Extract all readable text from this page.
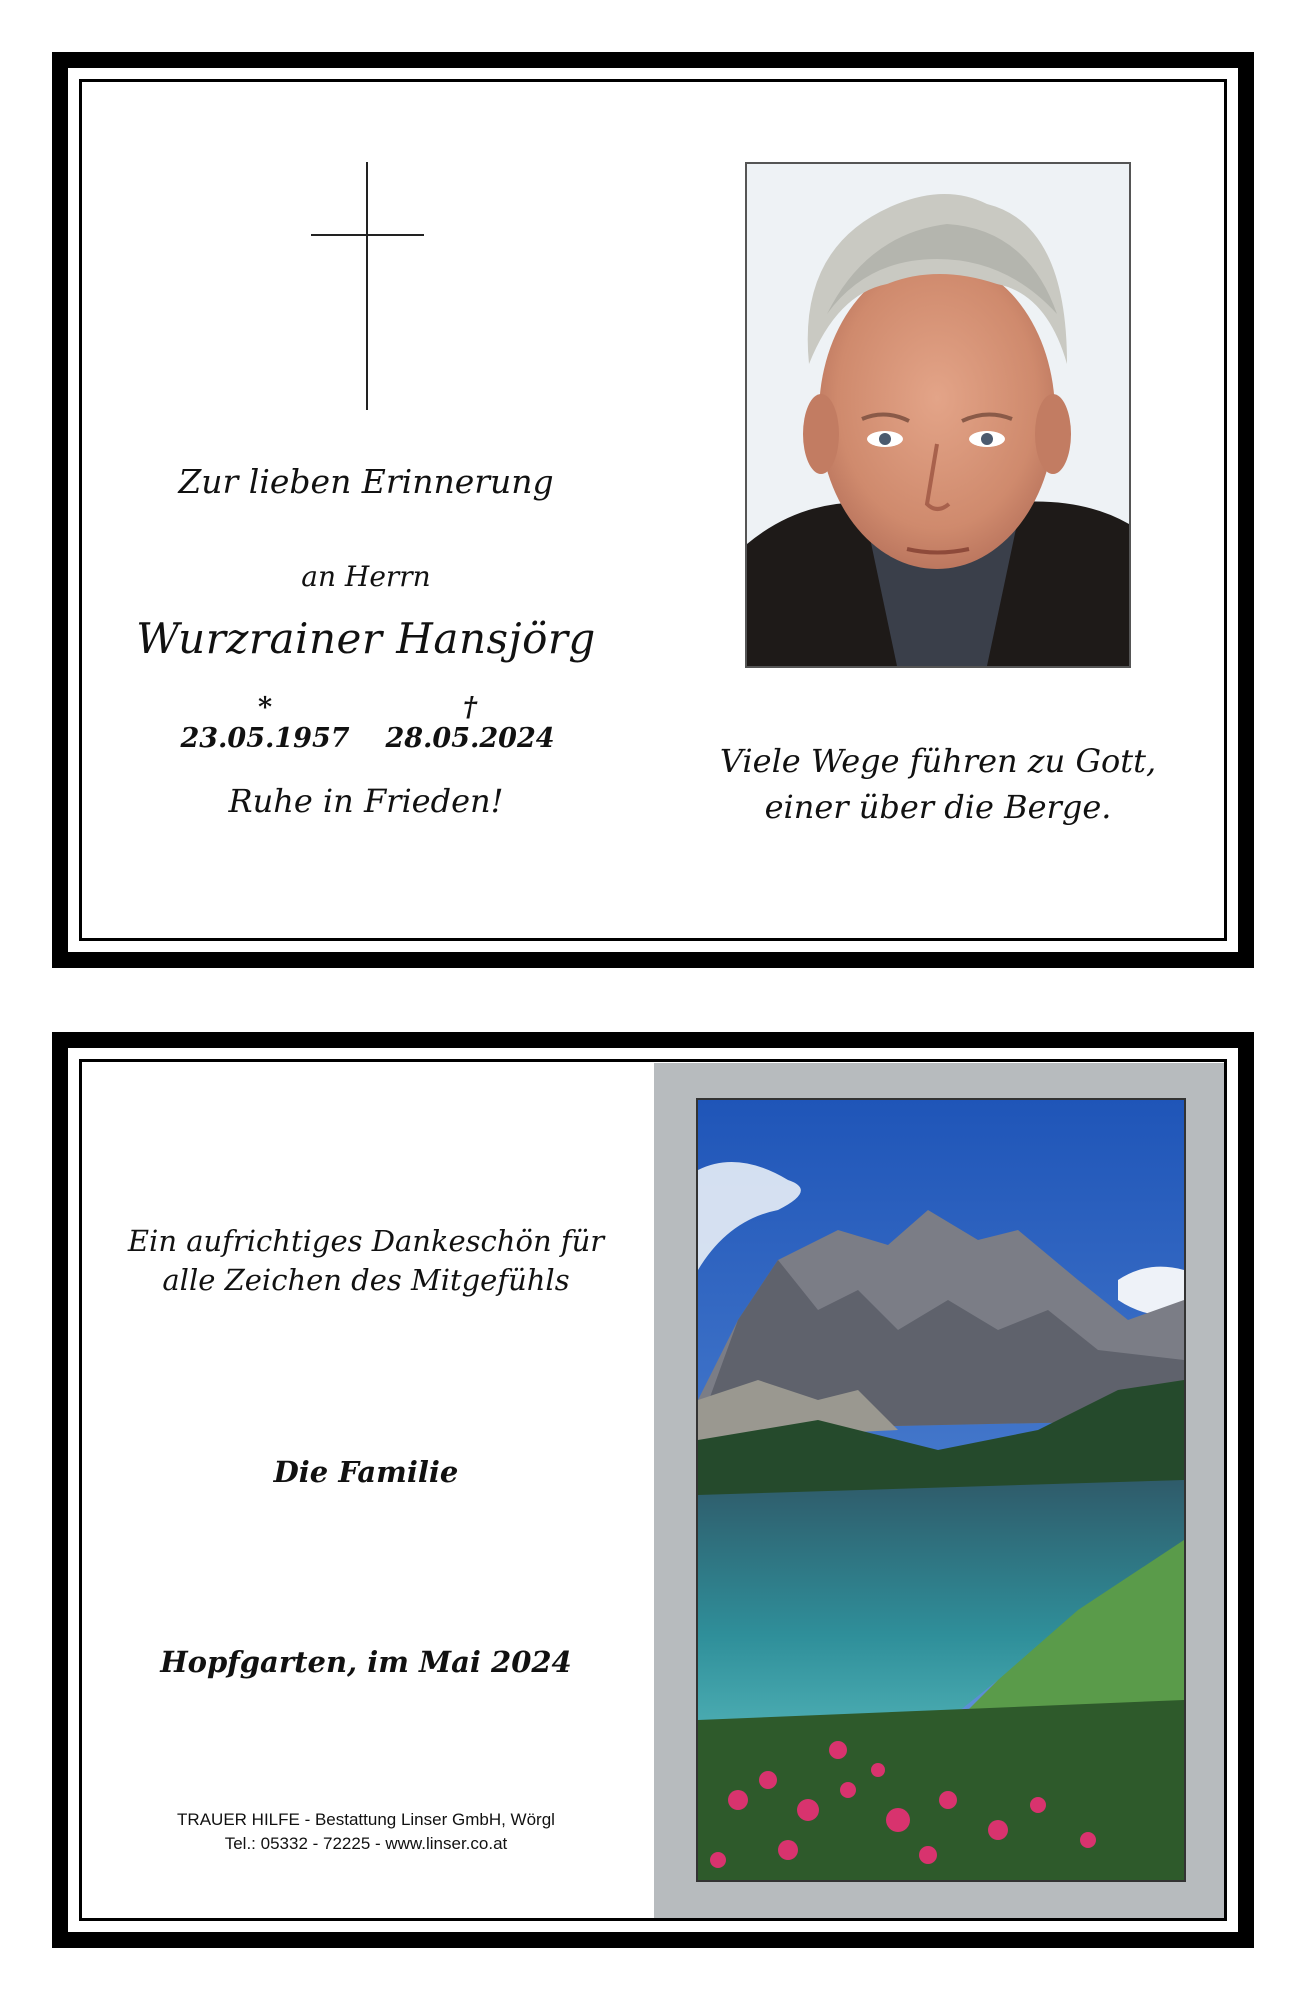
Zur lieben Erinnerung
an Herrn
Wurzrainer Hansjörg
* 23.05.1957
† 28.05.2024
Ruhe in Frieden!
Viele Wege führen zu Gott,
einer über die Berge.
Ein aufrichtiges Dankeschön für
alle Zeichen des Mitgefühls
Die Familie
Hopfgarten, im Mai 2024
TRAUER HILFE - Bestattung Linser GmbH, Wörgl
Tel.: 05332 - 72225 - www.linser.co.at
